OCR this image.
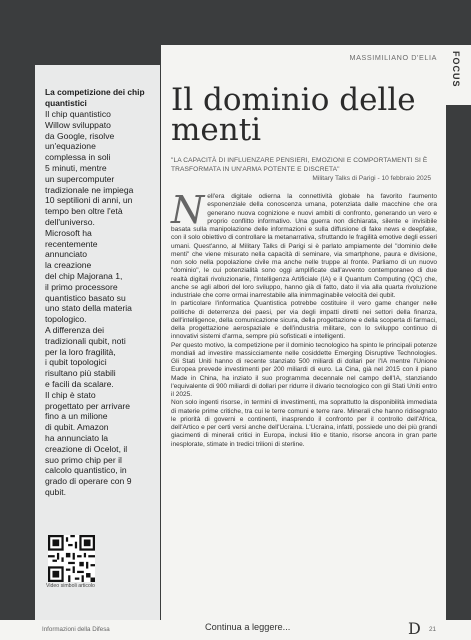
La competizione dei chip quantistici

Il chip quantistico
Willow sviluppato
da Google, risolve
un'equazione
complessa in soli
5 minuti, mentre
un supercomputer
tradizionale ne impiega
10 septilioni di anni, un
tempo ben oltre l'età
dell'universo.
Microsoft ha
recentemente
annunciato
la creazione
del chip Majorana 1,
il primo processore
quantistico basato su
uno stato della materia
topologico.
A differenza dei
tradizionali qubit, noti
per la loro fragilità,
i qubit topologici
risultano più stabili
e facili da scalare.
Il chip è stato
progettato per arrivare
fino a un milione
di qubit. Amazon
ha annunciato la
creazione di Ocelot, il
suo primo chip per il
calcolo quantistico, in
grado di operare con 9
qubit.

Video simboli articolo
MASSIMILIANO D'ELIA
Il dominio delle menti

"LA CAPACITÀ DI INFLUENZARE PENSIERI, EMOZIONI E COMPORTAMENTI SI È TRASFORMATA IN UN'ARMA POTENTE E DISCRETA"

Military Talks di Parigi - 10 febbraio 2025

Nell'era digitale odierna la connettività globale ha favorito l'aumento esponenziale della conoscenza umana, potenziata dalle macchine che ora generano nuova cognizione e nuovi ambiti di confronto, generando un vero e proprio conflitto informativo. Una guerra non dichiarata, silente e invisibile basata sulla manipolazione delle informazioni e sulla diffusione di fake news e deepfake, con il solo obiettivo di controllare la metanarrativa, sfruttando le fragilità emotive degli esseri umani. Quest'anno, al Military Talks di Parigi si è parlato ampiamente del "dominio delle menti" che viene misurato nella capacità di seminare, via smartphone, paura e divisione, non solo nella popolazione civile ma anche nelle truppe al fronte. Parliamo di un nuovo "dominio", le cui potenzialità sono oggi amplificate dall'avvento contemporaneo di due realtà digitali rivoluzionarie, l'Intelligenza Artificiale (IA) e il Quantum Computing (QC) che, anche se agli albori del loro sviluppo, hanno già di fatto, dato il via alla quarta rivoluzione industriale che corre ormai inarrestabile alla inimmaginabile velocità dei qubit.
In particolare l'informatica Quantistica potrebbe costituire il vero game changer nelle politiche di deterrenza dei paesi, per via degli impatti diretti nei settori della finanza, dell'intelligence, della comunicazione sicura, della progettazione e della scoperta di farmaci, della progettazione aerospaziale e dell'industria militare, con lo sviluppo continuo di innovativi sistemi d'arma, sempre più sofisticati e intelligenti.
Per questo motivo, la competizione per il dominio tecnologico ha spinto le principali potenze mondiali ad investire massicciamente nelle cosiddette Emerging Disruptive Technologies. Gli Stati Uniti hanno di recente stanziato 500 miliardi di dollari per l'IA mentre l'Unione Europea prevede investimenti per 200 miliardi di euro. La Cina, già nel 2015 con il piano Made in China, ha inziato il suo programma decennale nel campo dell'IA, stanziando l'equivalente di 900 miliardi di dollari per ridurre il divario tecnologico con gli Stati Uniti entro il 2025.
Non solo ingenti risorse, in termini di investimenti, ma soprattutto la disponibilità immediata di materie prime critiche, tra cui le terre comuni e terre rare. Minerali che hanno ridisegnato le priorità di governi e continenti, inasprendo il confronto per il controllo dell'Africa, dell'Artico e per certi versi anche dell'Ucraina. L'Ucraina, infatti, possiede uno dei più grandi giacimenti di minerali critici in Europa, inclusi litio e titanio, risorse ancora in gran parte inesplorate, stimate in tredici trilioni di sterline.

FOCUS
Informazioni della Difesa	Continua a leggere...	D 21
